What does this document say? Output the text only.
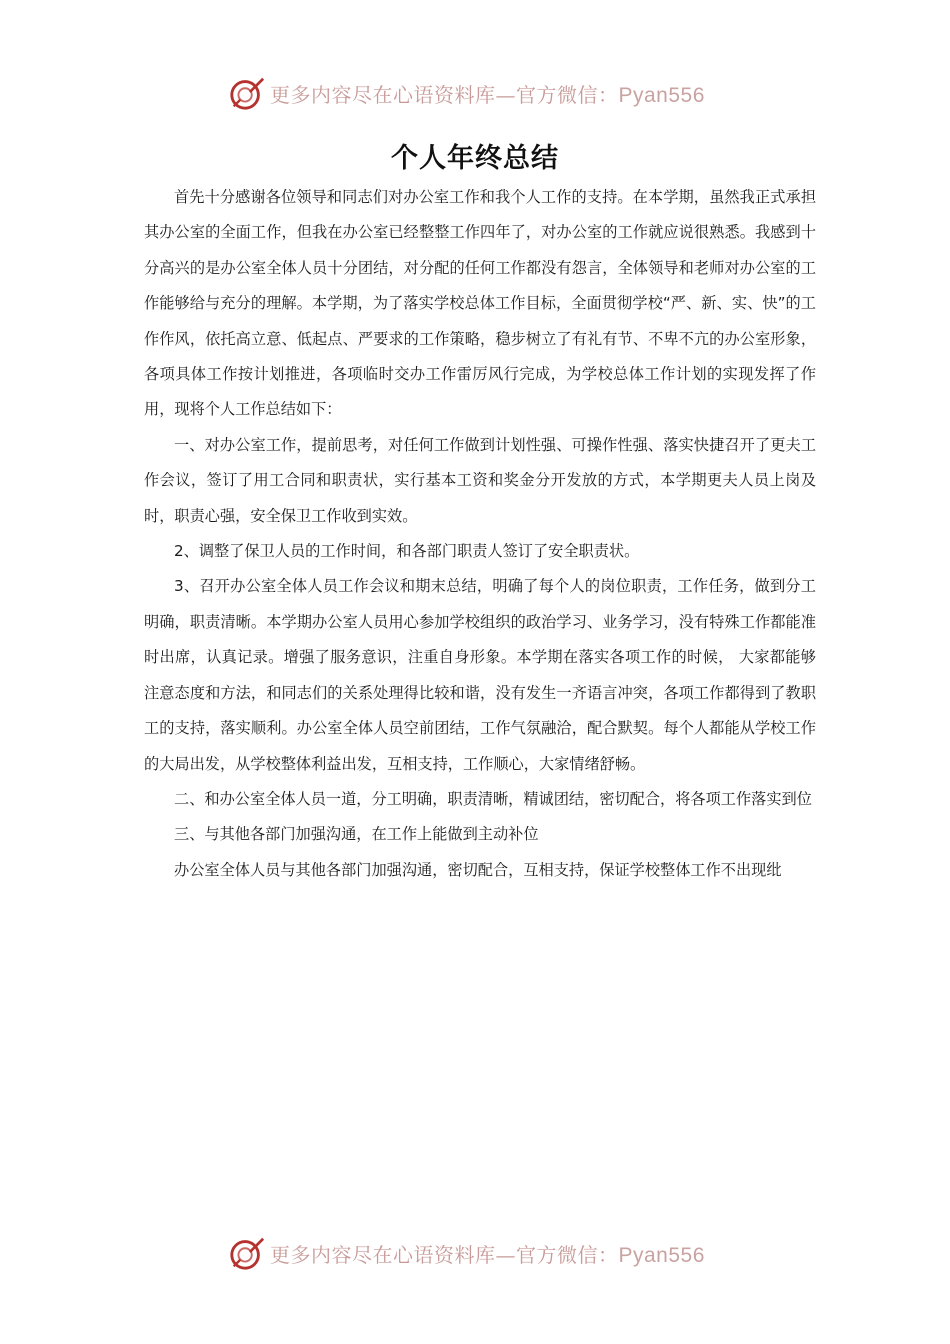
更多内容尽在心语资料库—官方微信：Pyan556
个人年终总结

首先十分感谢各位领导和同志们对办公室工作和我个人工作的支持。在本学期，虽然我正式承担其办公室的全面工作，但我在办公室已经整整工作四年了，对办公室的工作就应说很熟悉。我感到十分高兴的是办公室全体人员十分团结，对分配的任何工作都没有怨言，全体领导和老师对办公室的工作能够给与充分的理解。本学期，为了落实学校总体工作目标，全面贯彻学校“严、新、实、快”的工作作风，依托高立意、低起点、严要求的工作策略，稳步树立了有礼有节、不卑不亢的办公室形象，各项具体工作按计划推进，各项临时交办工作雷厉风行完成，为学校总体工作计划的实现发挥了作用，现将个人工作总结如下：

一、对办公室工作，提前思考，对任何工作做到计划性强、可操作性强、落实快捷召开了更夫工作会议，签订了用工合同和职责状，实行基本工资和奖金分开发放的方式，本学期更夫人员上岗及时，职责心强，安全保卫工作收到实效。

2、调整了保卫人员的工作时间，和各部门职责人签订了安全职责状。

3、召开办公室全体人员工作会议和期末总结，明确了每个人的岗位职责，工作任务，做到分工明确，职责清晰。本学期办公室人员用心参加学校组织的政治学习、业务学习，没有特殊工作都能准时出席，认真记录。增强了服务意识，注重自身形象。本学期在落实各项工作的时候， 大家都能够注意态度和方法，和同志们的关系处理得比较和谐，没有发生一齐语言冲突，各项工作都得到了教职工的支持，落实顺利。办公室全体人员空前团结，工作气氛融洽，配合默契。每个人都能从学校工作的大局出发，从学校整体利益出发，互相支持，工作顺心，大家情绪舒畅。

二、和办公室全体人员一道，分工明确，职责清晰，精诚团结，密切配合，将各项工作落实到位

三、与其他各部门加强沟通，在工作上能做到主动补位

办公室全体人员与其他各部门加强沟通，密切配合，互相支持，保证学校整体工作不出现纰

更多内容尽在心语资料库—官方微信：Pyan556
